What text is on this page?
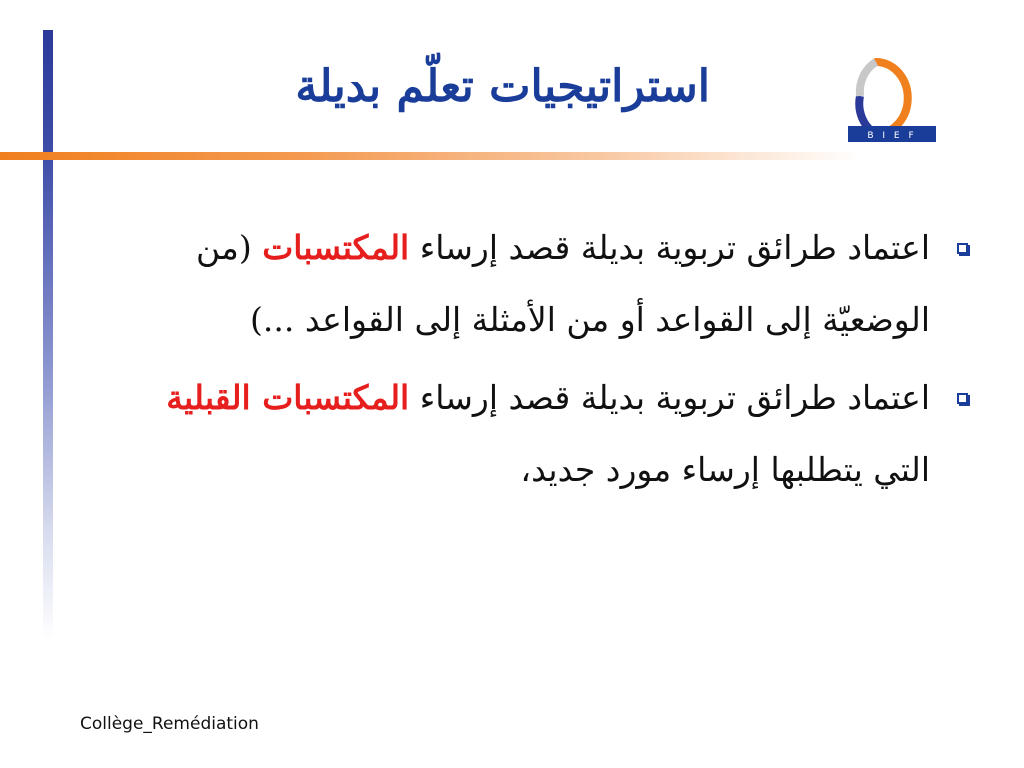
استراتيجيات تعلّم بديلة
B I E F
اعتماد طرائق تربوية بديلة قصد إرساء المكتسبات (من الوضعيّة إلى القواعد أو من الأمثلة إلى القواعد ...)
اعتماد طرائق تربوية بديلة قصد إرساء المكتسبات القبلية التي يتطلبها إرساء مورد جديد،
Collège_Remédiation
